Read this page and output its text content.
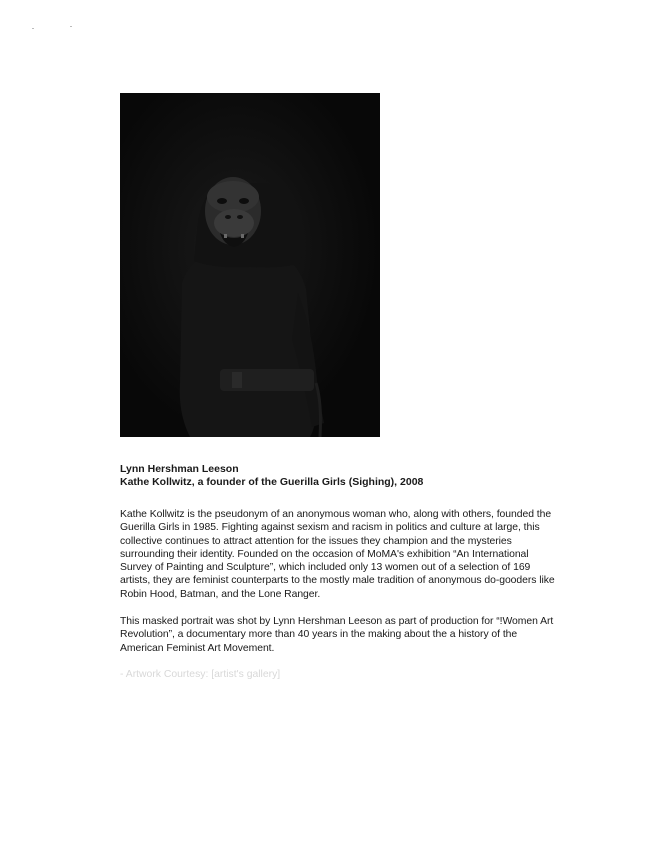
Lynn Hershman Leeson

Kathe Kollwitz, a founder of the Guerilla Girls (Sighing), 2008

Kathe Kollwitz is the pseudonym of an anonymous woman who, along with others, founded the Guerilla Girls in 1985. Fighting against sexism and racism in politics and culture at large, this collective continues to attract attention for the issues they champion and the mysteries surrounding their identity. Founded on the occasion of MoMA's exhibition “An International Survey of Painting and Sculpture”, which included only 13 women out of a selection of 169 artists, they are feminist counterparts to the mostly male tradition of anonymous do-gooders like Robin Hood, Batman, and the Lone Ranger.

This masked portrait was shot by Lynn Hershman Leeson as part of production for “!Women Art Revolution”, a documentary more than 40 years in the making about the a history of the American Feminist Art Movement.

- Artwork Courtesy: [artist's gallery]
